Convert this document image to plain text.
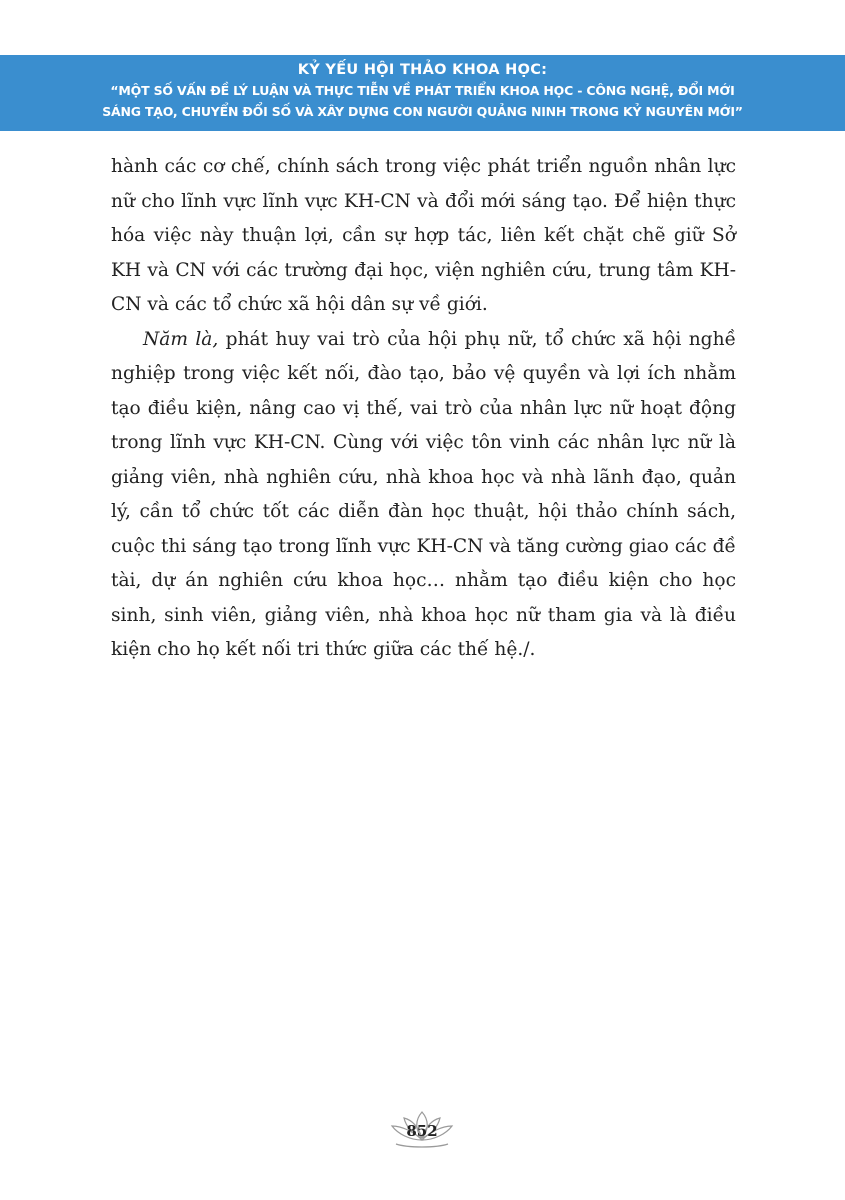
KỶ YẾU HỘI THẢO KHOA HỌC:
“MỘT SỐ VẤN ĐỀ LÝ LUẬN VÀ THỰC TIỄN VỀ PHÁT TRIỂN KHOA HỌC - CÔNG NGHỆ, ĐỔI MỚI
SÁNG TẠO, CHUYỂN ĐỔI SỐ VÀ XÂY DỰNG CON NGƯỜI QUẢNG NINH TRONG KỶ NGUYÊN MỚI”

hành các cơ chế, chính sách trong việc phát triển nguồn nhân lực nữ cho lĩnh vực lĩnh vực KH-CN và đổi mới sáng tạo. Để hiện thực hóa việc này thuận lợi, cần sự hợp tác, liên kết chặt chẽ giữ Sở KH và CN với các trường đại học, viện nghiên cứu, trung tâm KH-CN và các tổ chức xã hội dân sự về giới.

Năm là, phát huy vai trò của hội phụ nữ, tổ chức xã hội nghề nghiệp trong việc kết nối, đào tạo, bảo vệ quyền và lợi ích nhằm tạo điều kiện, nâng cao vị thế, vai trò của nhân lực nữ hoạt động trong lĩnh vực KH-CN. Cùng với việc tôn vinh các nhân lực nữ là giảng viên, nhà nghiên cứu, nhà khoa học và nhà lãnh đạo, quản lý, cần tổ chức tốt các diễn đàn học thuật, hội thảo chính sách, cuộc thi sáng tạo trong lĩnh vực KH-CN và tăng cường giao các đề tài, dự án nghiên cứu khoa học… nhằm tạo điều kiện cho học sinh, sinh viên, giảng viên, nhà khoa học nữ tham gia và là điều kiện cho họ kết nối tri thức giữa các thế hệ./.

852
